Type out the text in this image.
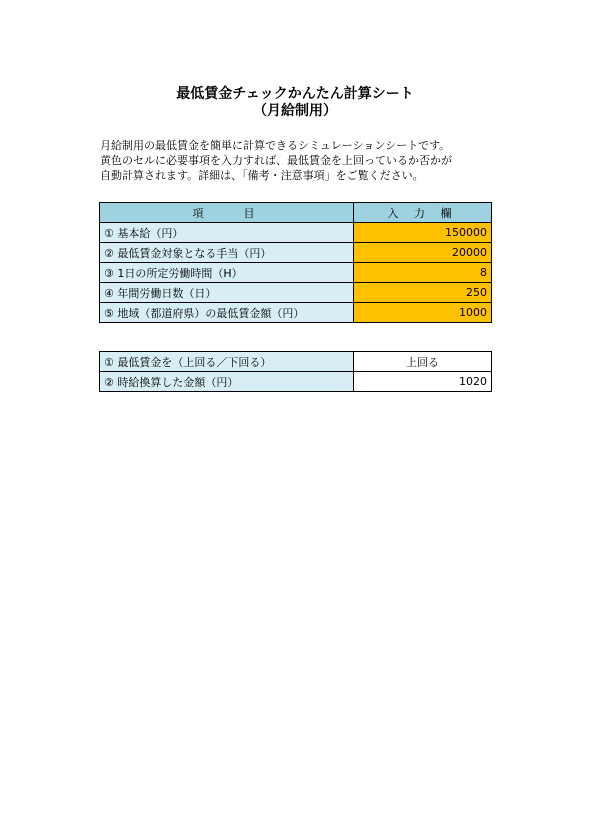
最低賃金チェックかんたん計算シート
（月給制用）
月給制用の最低賃金を簡単に計算できるシミュレーションシートです。
黄色のセルに必要事項を入力すれば、最低賃金を上回っているか否かが
自動計算されます。詳細は、「備考・注意事項」をご覧ください。
項　　目	入 力 欄
① 基本給（円）	150000
② 最低賃金対象となる手当（円）	20000
③ 1日の所定労働時間（H）	8
④ 年間労働日数（日）	250
⑤ 地域（都道府県）の最低賃金額（円）	1000
① 最低賃金を（上回る／下回る）	上回る
② 時給換算した金額（円）	1020
